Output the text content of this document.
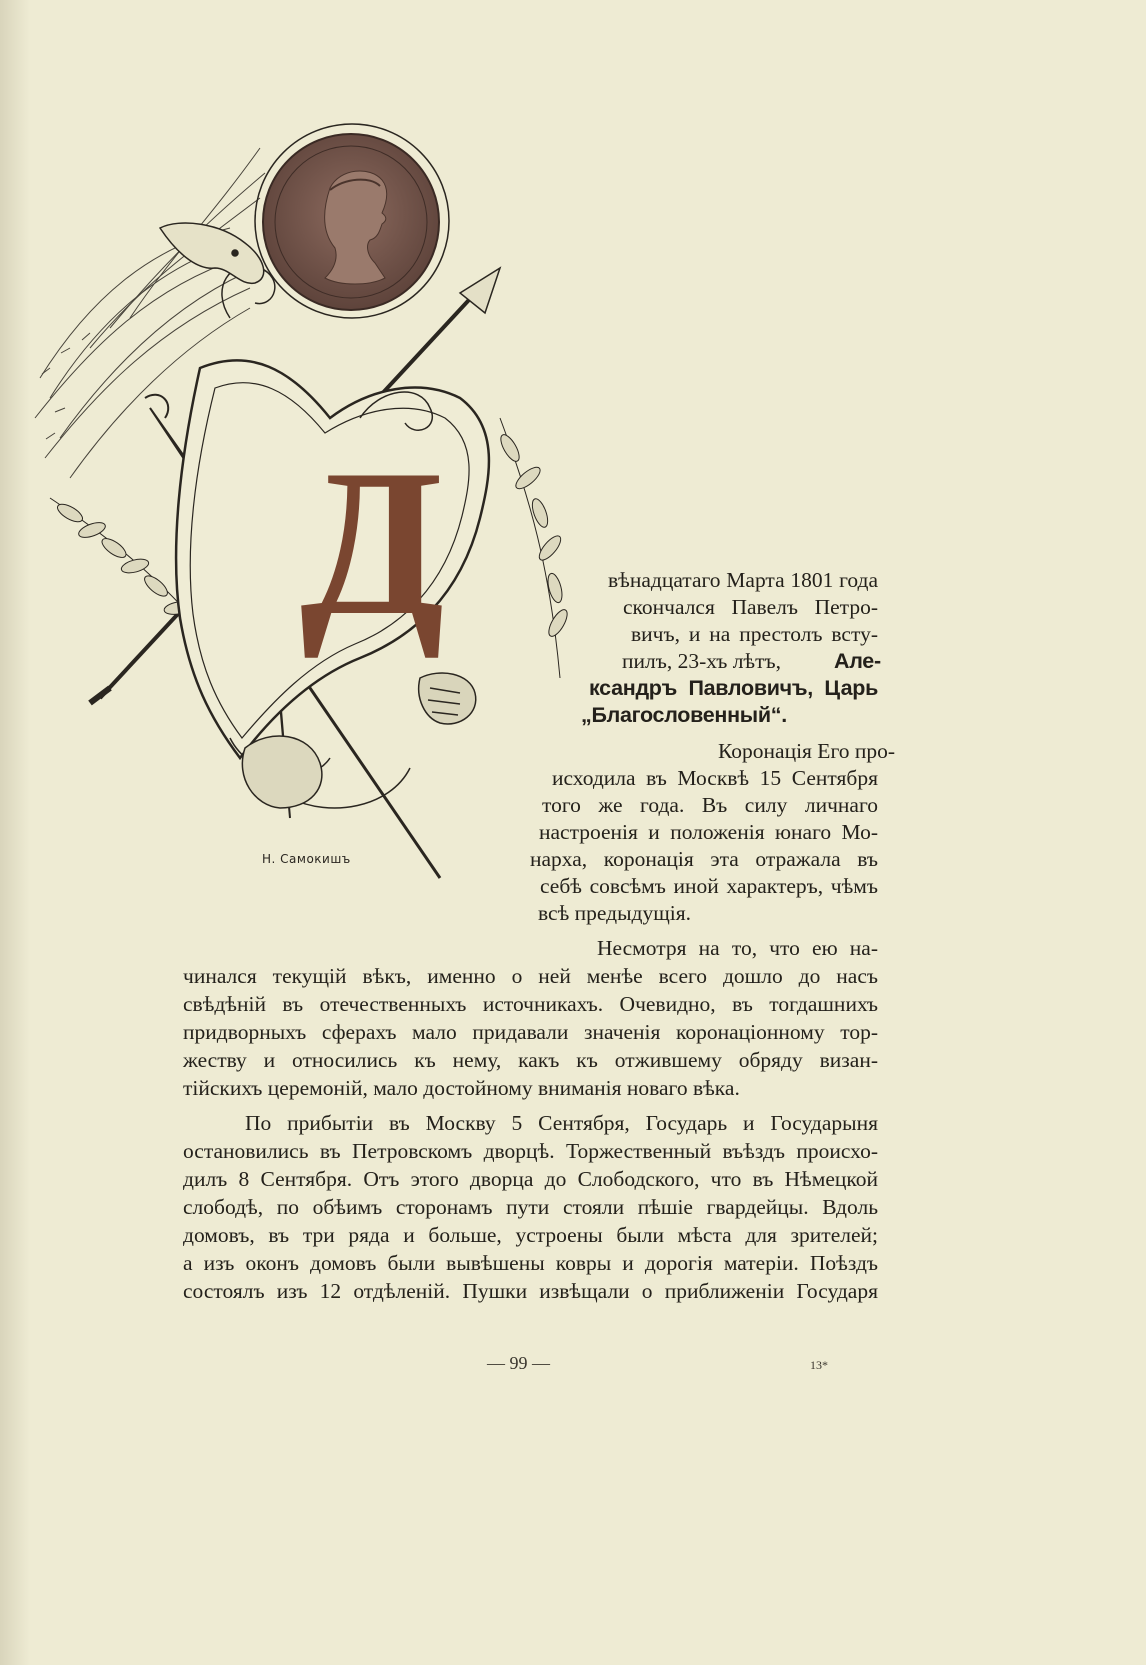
Д
Н. Самокишъ
вѣнадцатаго Марта 1801 года
скончался Павелъ Петро-
вичъ, и на престолъ всту-
пилъ, 23-хъ лѣтъ,	Але-
ксандръ Павловичъ, Царь
„Благословенный“.
Коронація Его про-
исходила въ Москвѣ 15 Сентября
того же года. Въ силу личнаго
настроенія и положенія юнаго Мо-
нарха, коронація эта отражала въ
себѣ совсѣмъ иной характеръ, чѣмъ
всѣ предыдущія.
Несмотря на то, что ею на-
чинался текущій вѣкъ, именно о ней менѣе всего дошло до насъ
свѣдѣній въ отечественныхъ источникахъ. Очевидно, въ тогдашнихъ
придворныхъ сферахъ мало придавали значенія коронаціонному тор-
жеству и относились къ нему, какъ къ отжившему обряду визан-
тійскихъ церемоній, мало достойному вниманія новаго вѣка.
По прибытіи въ Москву 5 Сентября, Государь и Государыня
остановились въ Петровскомъ дворцѣ. Торжественный въѣздъ происхо-
дилъ 8 Сентября. Отъ этого дворца до Слободского, что въ Нѣмецкой
слободѣ, по обѣимъ сторонамъ пути стояли пѣшіе гвардейцы. Вдоль
домовъ, въ три ряда и больше, устроены были мѣста для зрителей;
а изъ оконъ домовъ были вывѣшены ковры и дорогія матеріи. Поѣздъ
состоялъ изъ 12 отдѣленій. Пушки извѣщали о приближеніи Государя
— 99 —	13*
